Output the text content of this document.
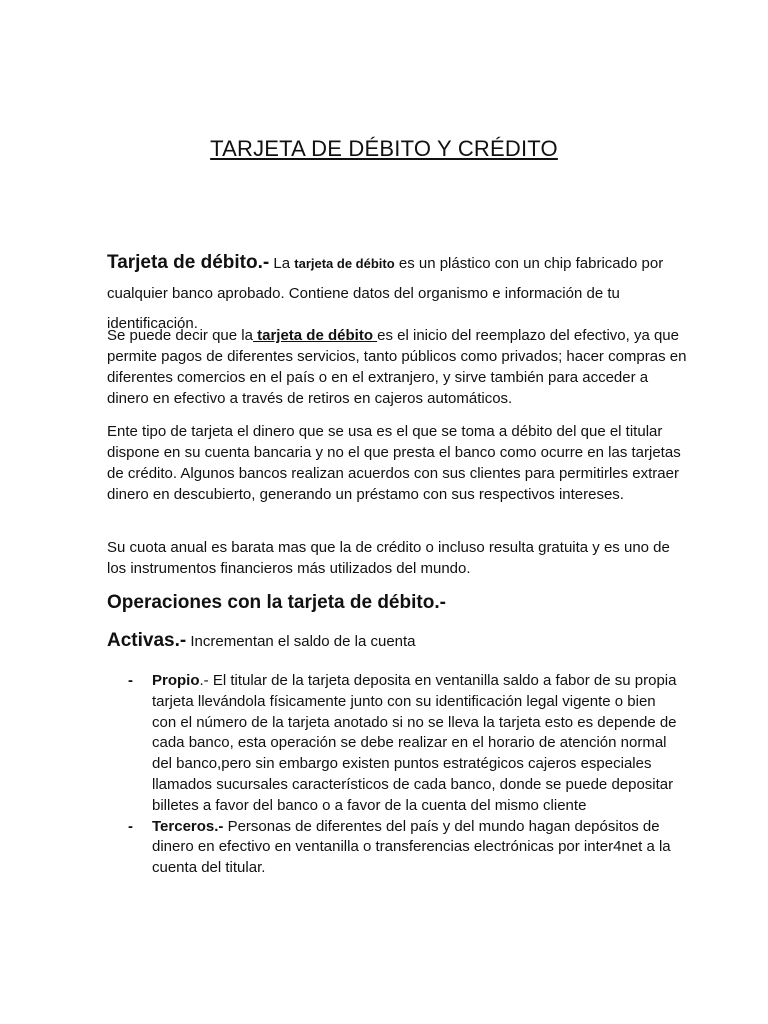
TARJETA DE DÉBITO Y CRÉDITO

Tarjeta de débito.- La tarjeta de débito es un plástico con un chip fabricado por cualquier banco aprobado. Contiene datos del organismo e información de tu identificación.

Se puede decir que la tarjeta de débito es el inicio del reemplazo del efectivo, ya que permite pagos de diferentes servicios, tanto públicos como privados; hacer compras en diferentes comercios en el país o en el extranjero, y sirve también para acceder a dinero en efectivo a través de retiros en cajeros automáticos.

Ente tipo de tarjeta el dinero que se usa es el que se toma a débito del que el titular dispone en su cuenta bancaria y no el que presta el banco como ocurre en las tarjetas de crédito. Algunos bancos realizan acuerdos con sus clientes para permitirles extraer dinero en descubierto, generando un préstamo con sus respectivos intereses.

Su cuota anual es barata mas que la de crédito o incluso resulta gratuita y es uno de los instrumentos financieros más utilizados del mundo.

Operaciones con la tarjeta de débito.-

Activas.- Incrementan el saldo de la cuenta

- Propio.- El titular de la tarjeta deposita en ventanilla saldo a fabor de su propia tarjeta llevándola físicamente junto con su identificación legal vigente o bien con el número de la tarjeta anotado si no se lleva la tarjeta esto es depende de cada banco, esta operación se debe realizar en el horario de atención normal del banco,pero sin embargo existen puntos estratégicos cajeros especiales llamados sucursales característicos de cada banco, donde se puede depositar billetes a favor del banco o a favor de la cuenta del mismo cliente
- Terceros.- Personas de diferentes del país y del mundo hagan depósitos de dinero en efectivo en ventanilla o transferencias electrónicas por inter4net a la cuenta del titular.
